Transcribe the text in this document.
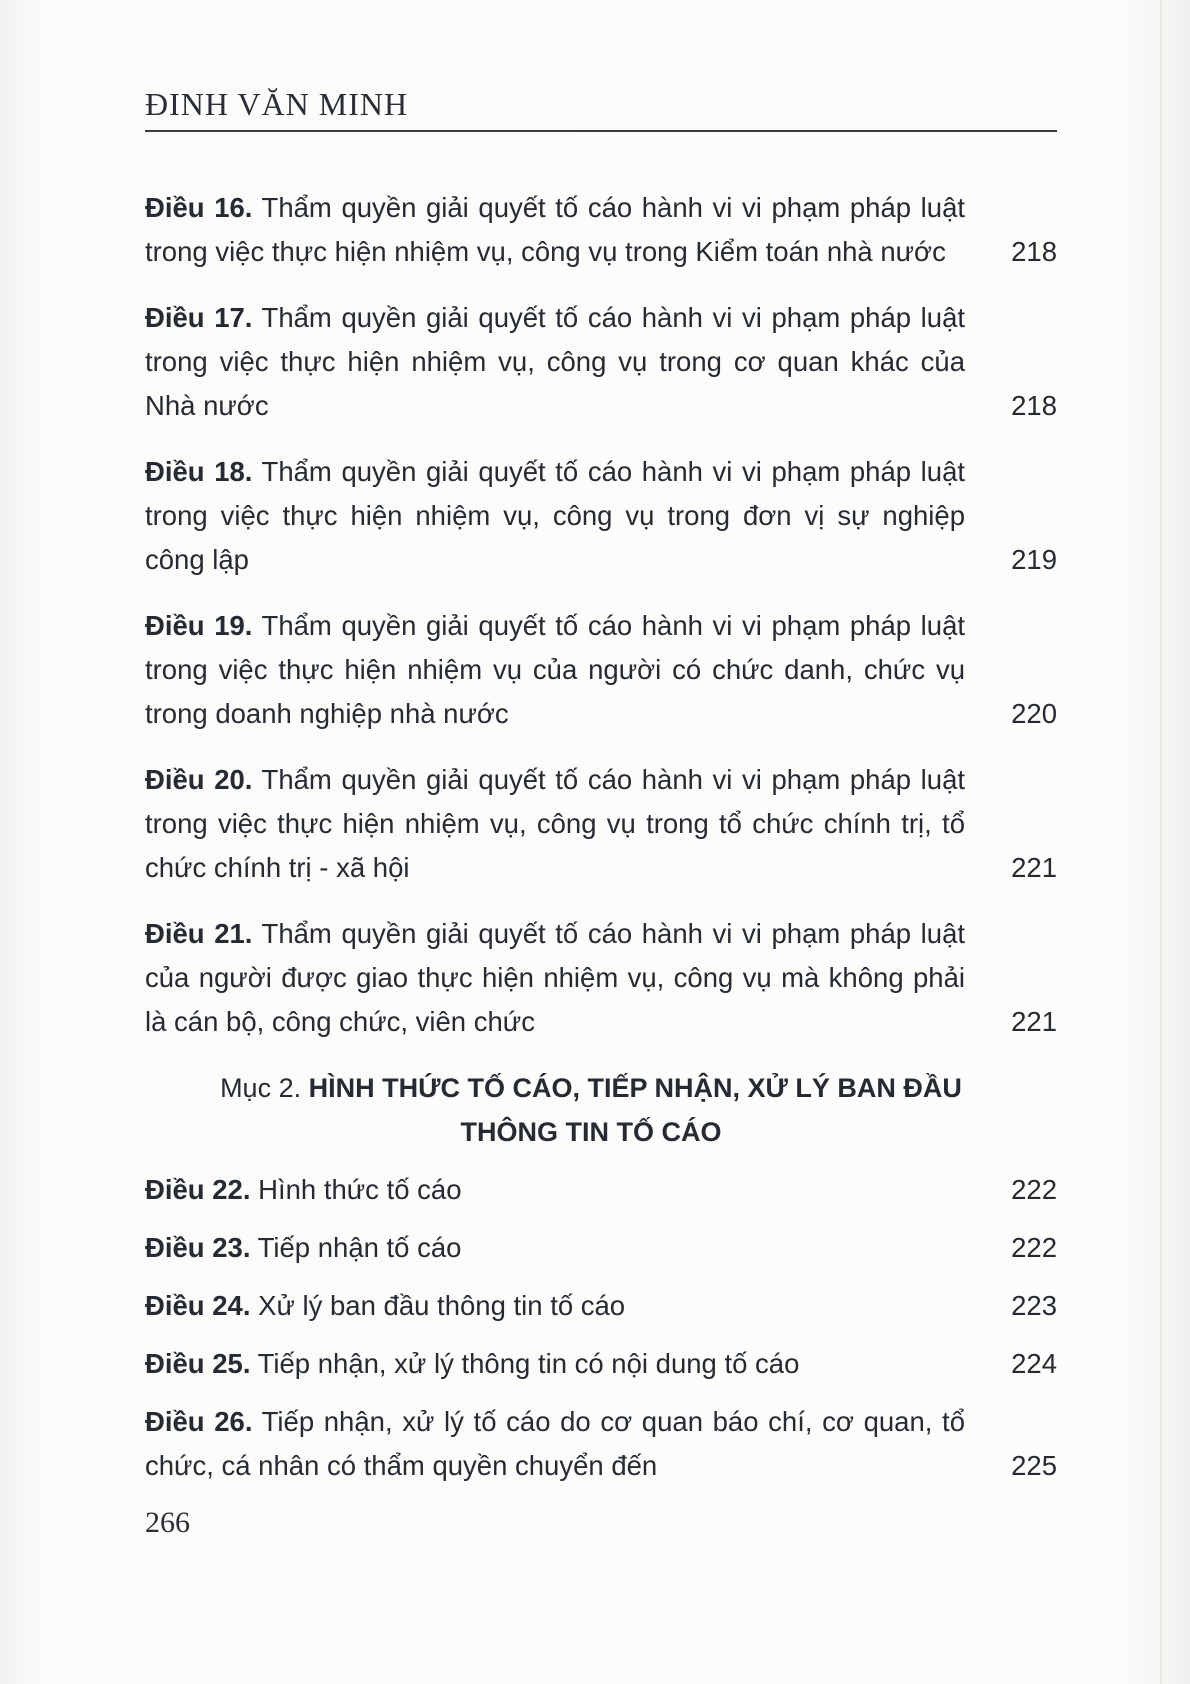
ĐINH VĂN MINH
Điều 16. Thẩm quyền giải quyết tố cáo hành vi vi phạm pháp luật trong việc thực hiện nhiệm vụ, công vụ trong Kiểm toán nhà nước	218
Điều 17. Thẩm quyền giải quyết tố cáo hành vi vi phạm pháp luật trong việc thực hiện nhiệm vụ, công vụ trong cơ quan khác của Nhà nước	218
Điều 18. Thẩm quyền giải quyết tố cáo hành vi vi phạm pháp luật trong việc thực hiện nhiệm vụ, công vụ trong đơn vị sự nghiệp công lập	219
Điều 19. Thẩm quyền giải quyết tố cáo hành vi vi phạm pháp luật trong việc thực hiện nhiệm vụ của người có chức danh, chức vụ trong doanh nghiệp nhà nước	220
Điều 20. Thẩm quyền giải quyết tố cáo hành vi vi phạm pháp luật trong việc thực hiện nhiệm vụ, công vụ trong tổ chức chính trị, tổ chức chính trị - xã hội	221
Điều 21. Thẩm quyền giải quyết tố cáo hành vi vi phạm pháp luật của người được giao thực hiện nhiệm vụ, công vụ mà không phải là cán bộ, công chức, viên chức	221
Mục 2. HÌNH THỨC TỐ CÁO, TIẾP NHẬN, XỬ LÝ BAN ĐẦU
THÔNG TIN TỐ CÁO
Điều 22. Hình thức tố cáo	222
Điều 23. Tiếp nhận tố cáo	222
Điều 24. Xử lý ban đầu thông tin tố cáo	223
Điều 25. Tiếp nhận, xử lý thông tin có nội dung tố cáo	224
Điều 26. Tiếp nhận, xử lý tố cáo do cơ quan báo chí, cơ quan, tổ chức, cá nhân có thẩm quyền chuyển đến	225
266
